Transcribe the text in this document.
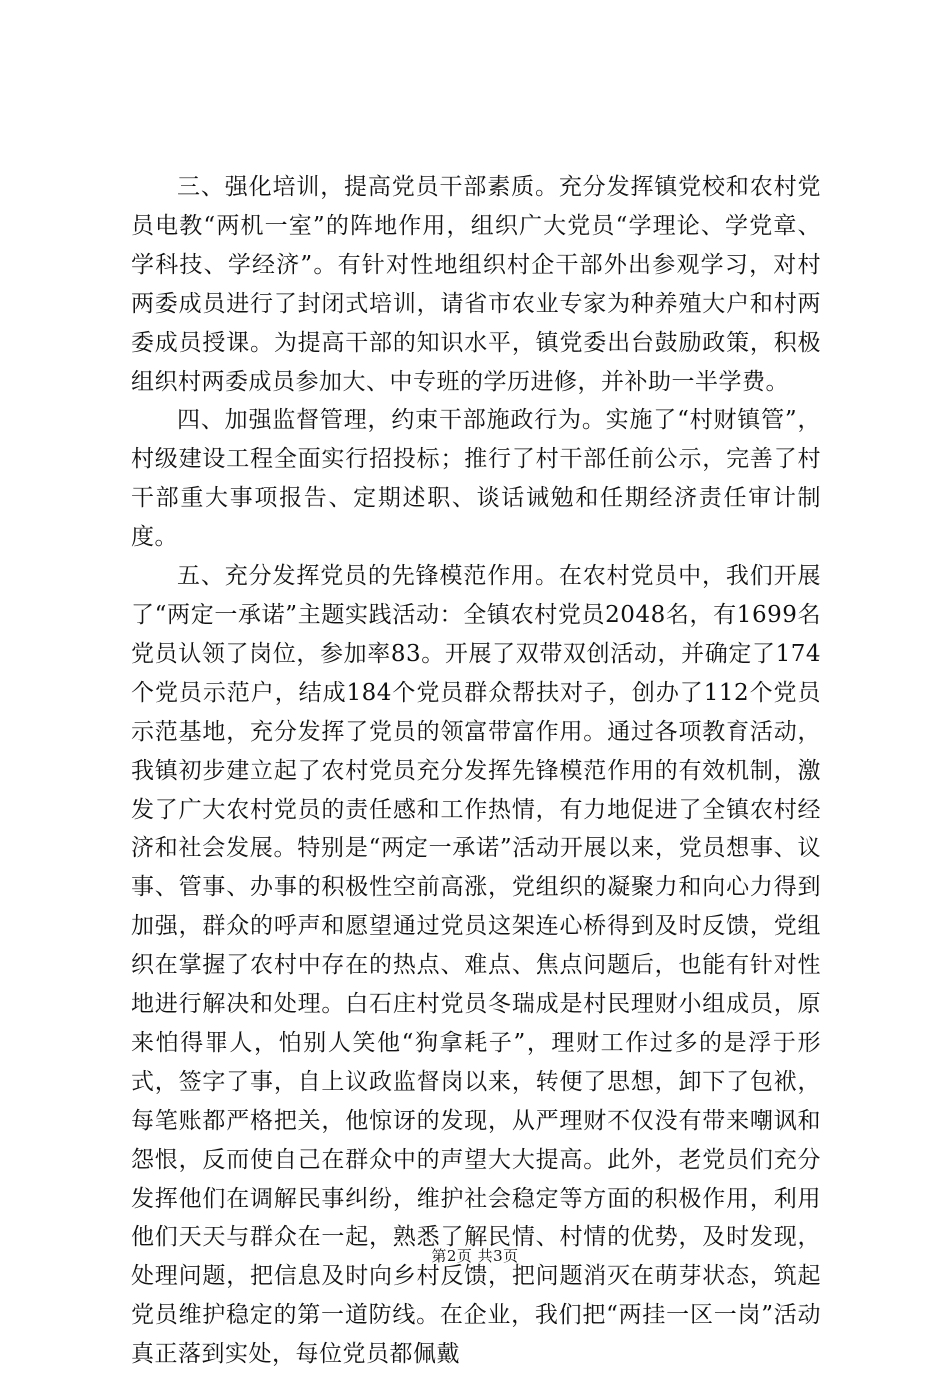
三、强化培训，提高党员干部素质。充分发挥镇党校和农村党员电教“两机一室”的阵地作用，组织广大党员“学理论、学党章、学科技、学经济”。有针对性地组织村企干部外出参观学习，对村两委成员进行了封闭式培训，请省市农业专家为种养殖大户和村两委成员授课。为提高干部的知识水平，镇党委出台鼓励政策，积极组织村两委成员参加大、中专班的学历进修，并补助一半学费。

四、加强监督管理，约束干部施政行为。实施了“村财镇管”，村级建设工程全面实行招投标；推行了村干部任前公示，完善了村干部重大事项报告、定期述职、谈话诫勉和任期经济责任审计制度。

五、充分发挥党员的先锋模范作用。在农村党员中，我们开展了“两定一承诺”主题实践活动：全镇农村党员2048名，有1699名党员认领了岗位，参加率83。开展了双带双创活动，并确定了174个党员示范户，结成184个党员群众帮扶对子，创办了112个党员示范基地，充分发挥了党员的领富带富作用。通过各项教育活动，我镇初步建立起了农村党员充分发挥先锋模范作用的有效机制，激发了广大农村党员的责任感和工作热情，有力地促进了全镇农村经济和社会发展。特别是“两定一承诺”活动开展以来，党员想事、议事、管事、办事的积极性空前高涨，党组织的凝聚力和向心力得到加强，群众的呼声和愿望通过党员这架连心桥得到及时反馈，党组织在掌握了农村中存在的热点、难点、焦点问题后，也能有针对性地进行解决和处理。白石庄村党员冬瑞成是村民理财小组成员，原来怕得罪人，怕别人笑他“狗拿耗子”，理财工作过多的是浮于形式，签字了事，自上议政监督岗以来，转便了思想，卸下了包袱，每笔账都严格把关，他惊讶的发现，从严理财不仅没有带来嘲讽和怨恨，反而使自己在群众中的声望大大提高。此外，老党员们充分发挥他们在调解民事纠纷，维护社会稳定等方面的积极作用，利用他们天天与群众在一起，熟悉了解民情、村情的优势，及时发现，处理问题，把信息及时向乡村反馈，把问题消灭在萌芽状态，筑起党员维护稳定的第一道防线。在企业，我们把“两挂一区一岗”活动真正落到实处，每位党员都佩戴

第2页 共3页
